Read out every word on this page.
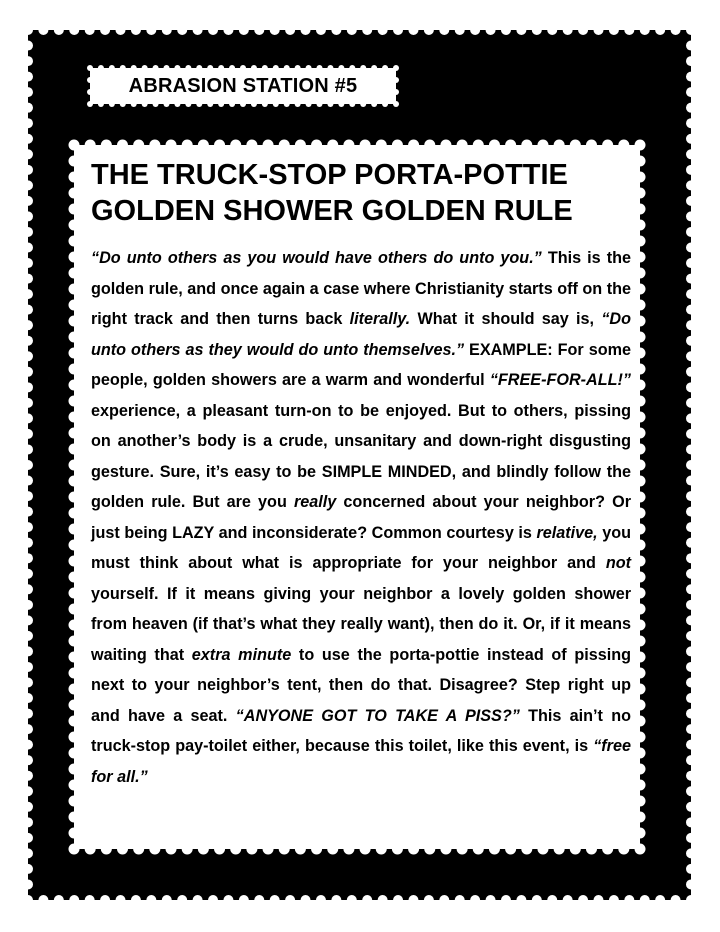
ABRASION STATION #5
THE TRUCK-STOP PORTA-POTTIE
GOLDEN SHOWER GOLDEN RULE

“Do unto others as you would have others do unto you.” This is the golden rule, and once again a case where Christianity starts off on the right track and then turns back literally. What it should say is, “Do unto others as they would do unto themselves.” EXAMPLE: For some people, golden showers are a warm and wonderful “FREE-FOR-ALL!” experience, a pleasant turn-on to be enjoyed. But to others, pissing on another’s body is a crude, unsanitary and down-right disgusting gesture. Sure, it’s easy to be SIMPLE MINDED, and blindly follow the golden rule. But are you really concerned about your neighbor? Or just being LAZY and inconsiderate? Common courtesy is relative, you must think about what is appropriate for your neighbor and not yourself. If it means giving your neighbor a lovely golden shower from heaven (if that’s what they really want), then do it. Or, if it means waiting that extra minute to use the porta-pottie instead of pissing next to your neighbor’s tent, then do that. Disagree? Step right up and have a seat. “ANYONE GOT TO TAKE A PISS?” This ain’t no truck-stop pay-toilet either, because this toilet, like this event, is “free for all.”
